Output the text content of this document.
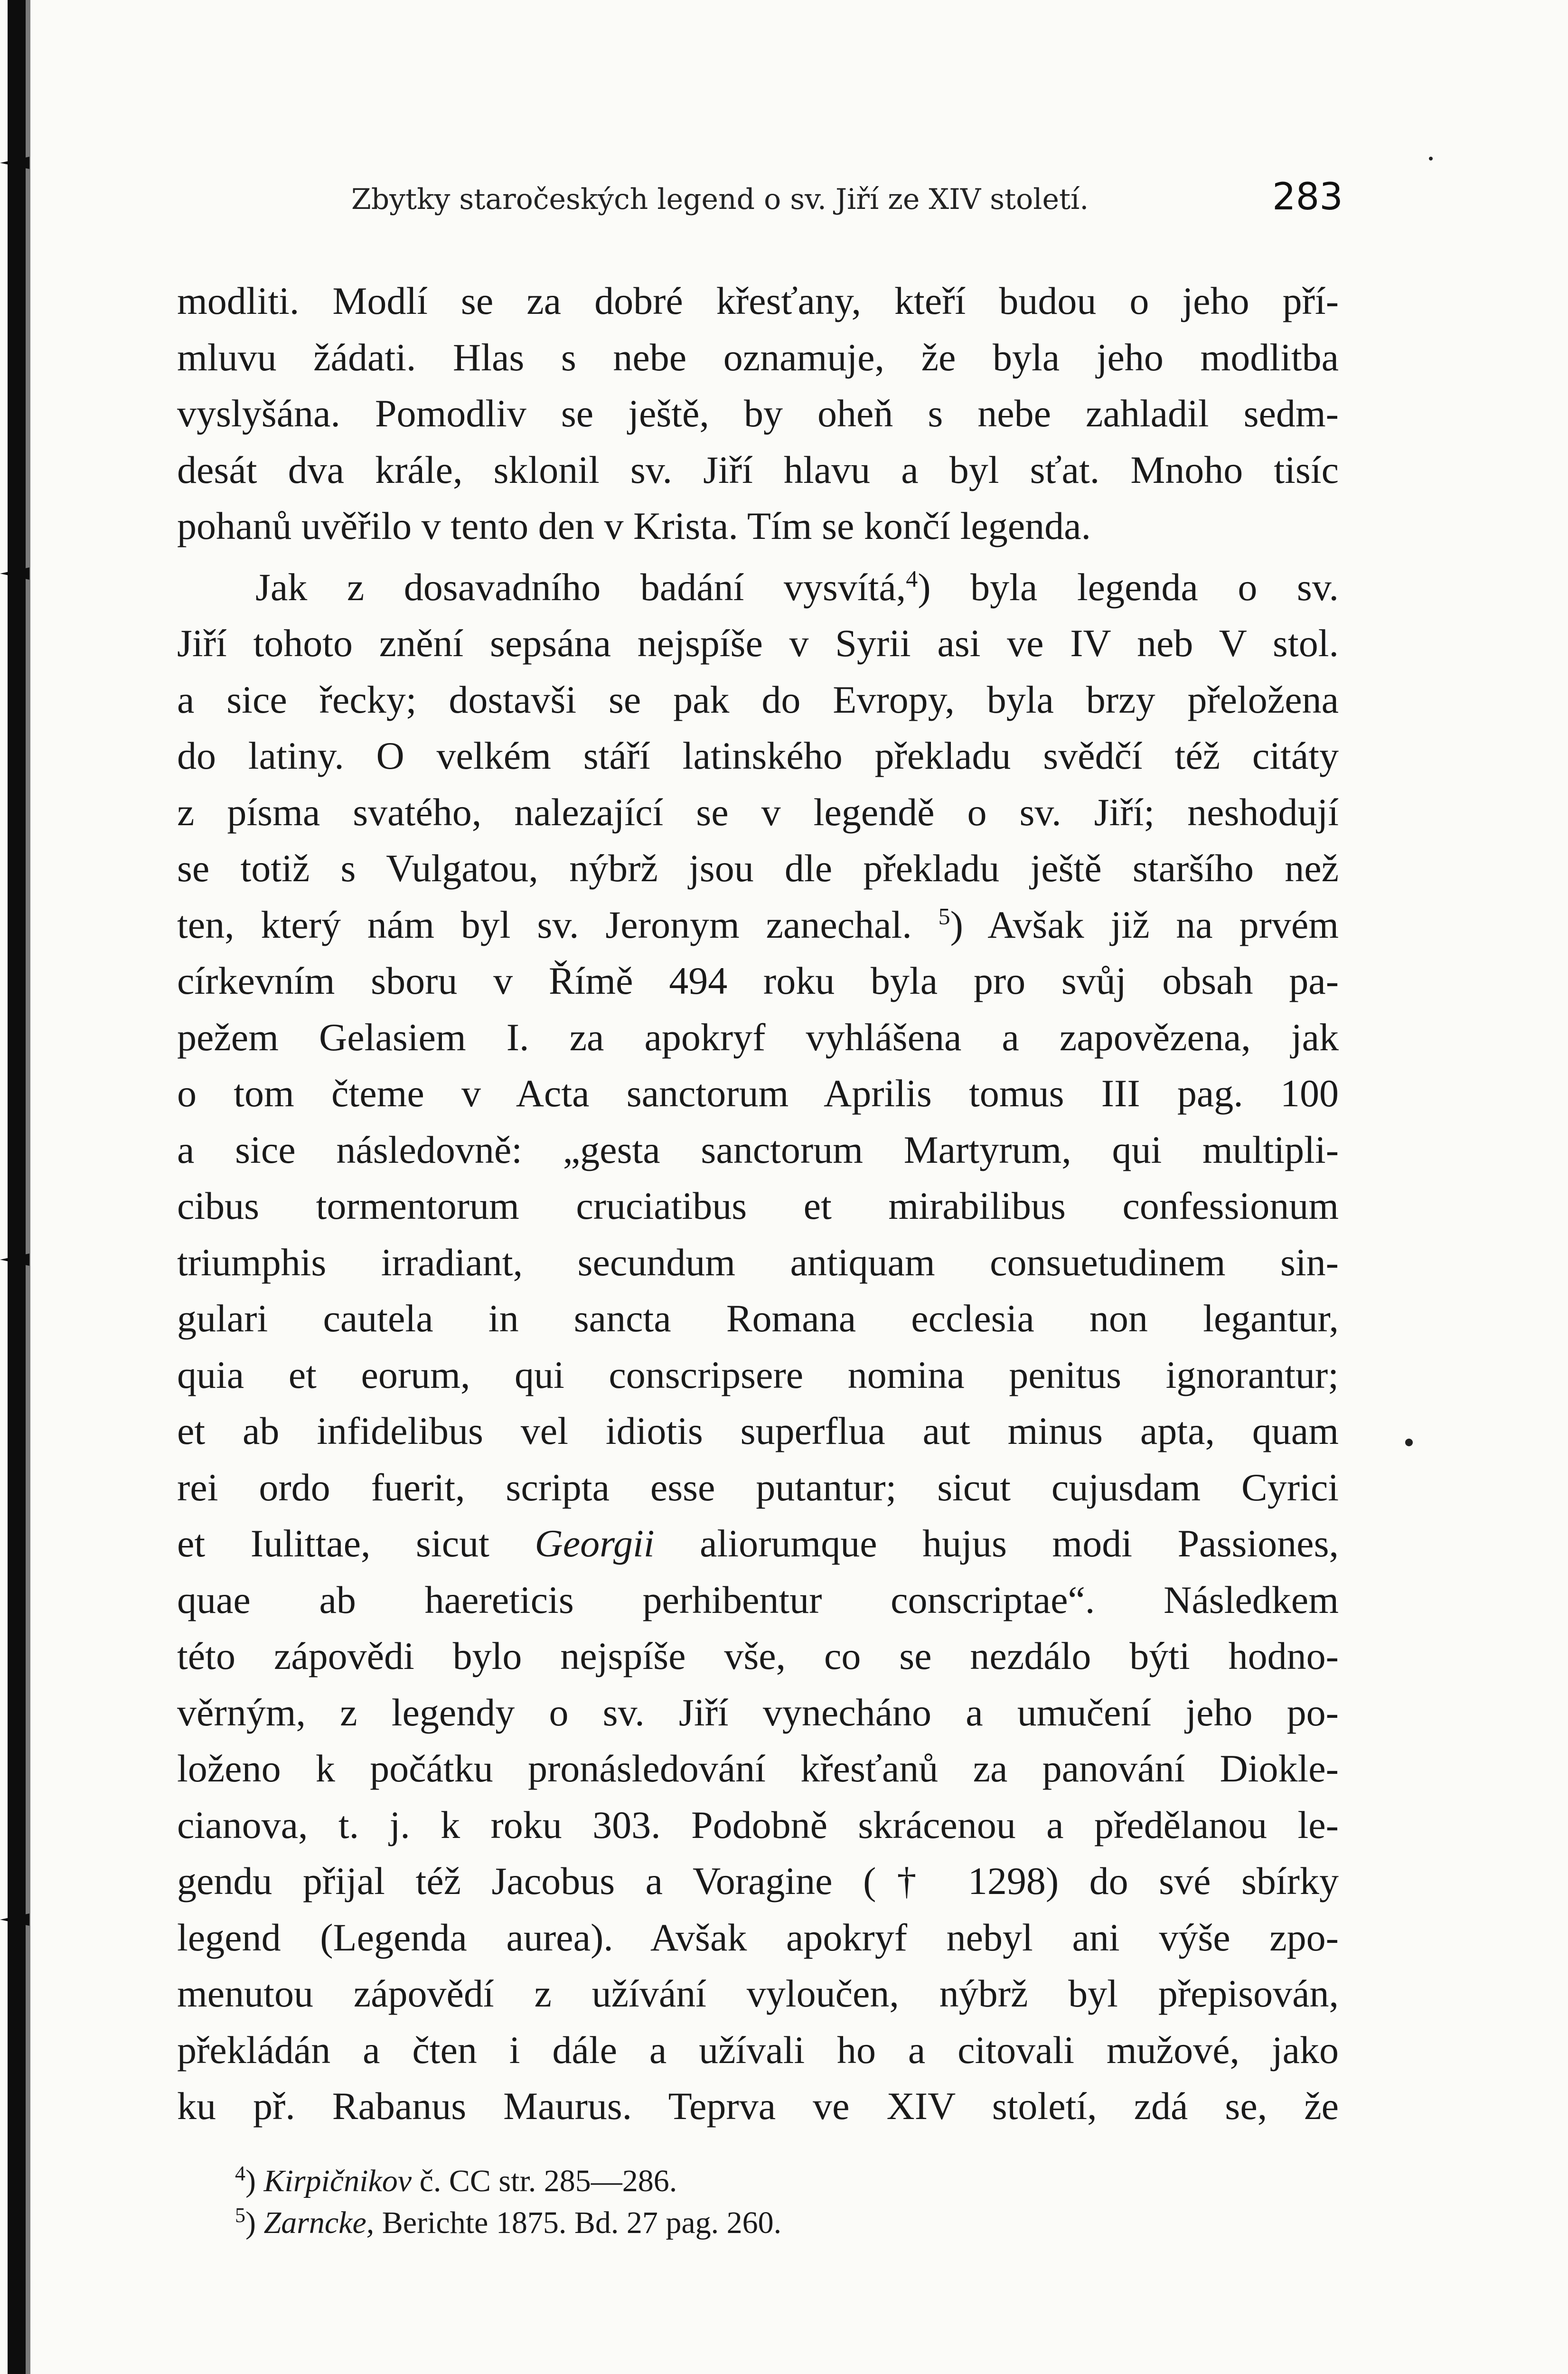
Zbytky staročeských legend o sv. Jiří ze XIV století.	283
modliti. Modlí se za dobré křesťany, kteří budou o jeho pří-
mluvu žádati. Hlas s nebe oznamuje, že byla jeho modlitba
vyslyšána. Pomodliv se ještě, by oheň s nebe zahladil sedm-
desát dva krále, sklonil sv. Jiří hlavu a byl sťat. Mnoho tisíc
pohanů uvěřilo v tento den v Krista. Tím se končí legenda.
Jak z dosavadního badání vysvítá,$^4$) byla legenda o sv.
Jiří tohoto znění sepsána nejspíše v Syrii asi ve IV neb V stol.
a sice řecky; dostavši se pak do Evropy, byla brzy přeložena
do latiny. O velkém stáří latinského překladu svědčí též citáty
z písma svatého, nalezající se v legendě o sv. Jiří; neshodují
se totiž s Vulgatou, nýbrž jsou dle překladu ještě staršího než
ten, který nám byl sv. Jeronym zanechal. $^5$) Avšak již na prvém
církevním sboru v Římě 494 roku byla pro svůj obsah pa-
pežem Gelasiem I. za apokryf vyhlášena a zapovězena, jak
o tom čteme v Acta sanctorum Aprilis tomus III pag. 100
a sice následovně: „gesta sanctorum Martyrum, qui multipli-
cibus tormentorum cruciatibus et mirabilibus confessionum
triumphis irradiant, secundum antiquam consuetudinem sin-
gulari cautela in sancta Romana ecclesia non legantur,
quia et eorum, qui conscripsere nomina penitus ignorantur;
et ab infidelibus vel idiotis superflua aut minus apta, quam
rei ordo fuerit, scripta esse putantur; sicut cujusdam Cyrici
et Iulittae, sicut Georgii aliorumque hujus modi Passiones,
quae ab haereticis perhibentur conscriptae“. Následkem
této zápovědi bylo nejspíše vše, co se nezdálo býti hodno-
věrným, z legendy o sv. Jiří vynecháno a umučení jeho po-
loženo k počátku pronásledování křesťanů za panování Diokle-
cianova, t. j. k roku 303. Podobně skrácenou a předělanou le-
gendu přijal též Jacobus a Voragine († 1298) do své sbírky
legend (Legenda aurea). Avšak apokryf nebyl ani výše zpo-
menutou zápovědí z užívání vyloučen, nýbrž byl přepisován,
překládán a čten i dále a užívali ho a citovali mužové, jako
ku př. Rabanus Maurus. Teprva ve XIV století, zdá se, že
$^4$) Kirpičnikov č. CC str. 285—286.
$^5$) Zarncke, Berichte 1875. Bd. 27 pag. 260.
